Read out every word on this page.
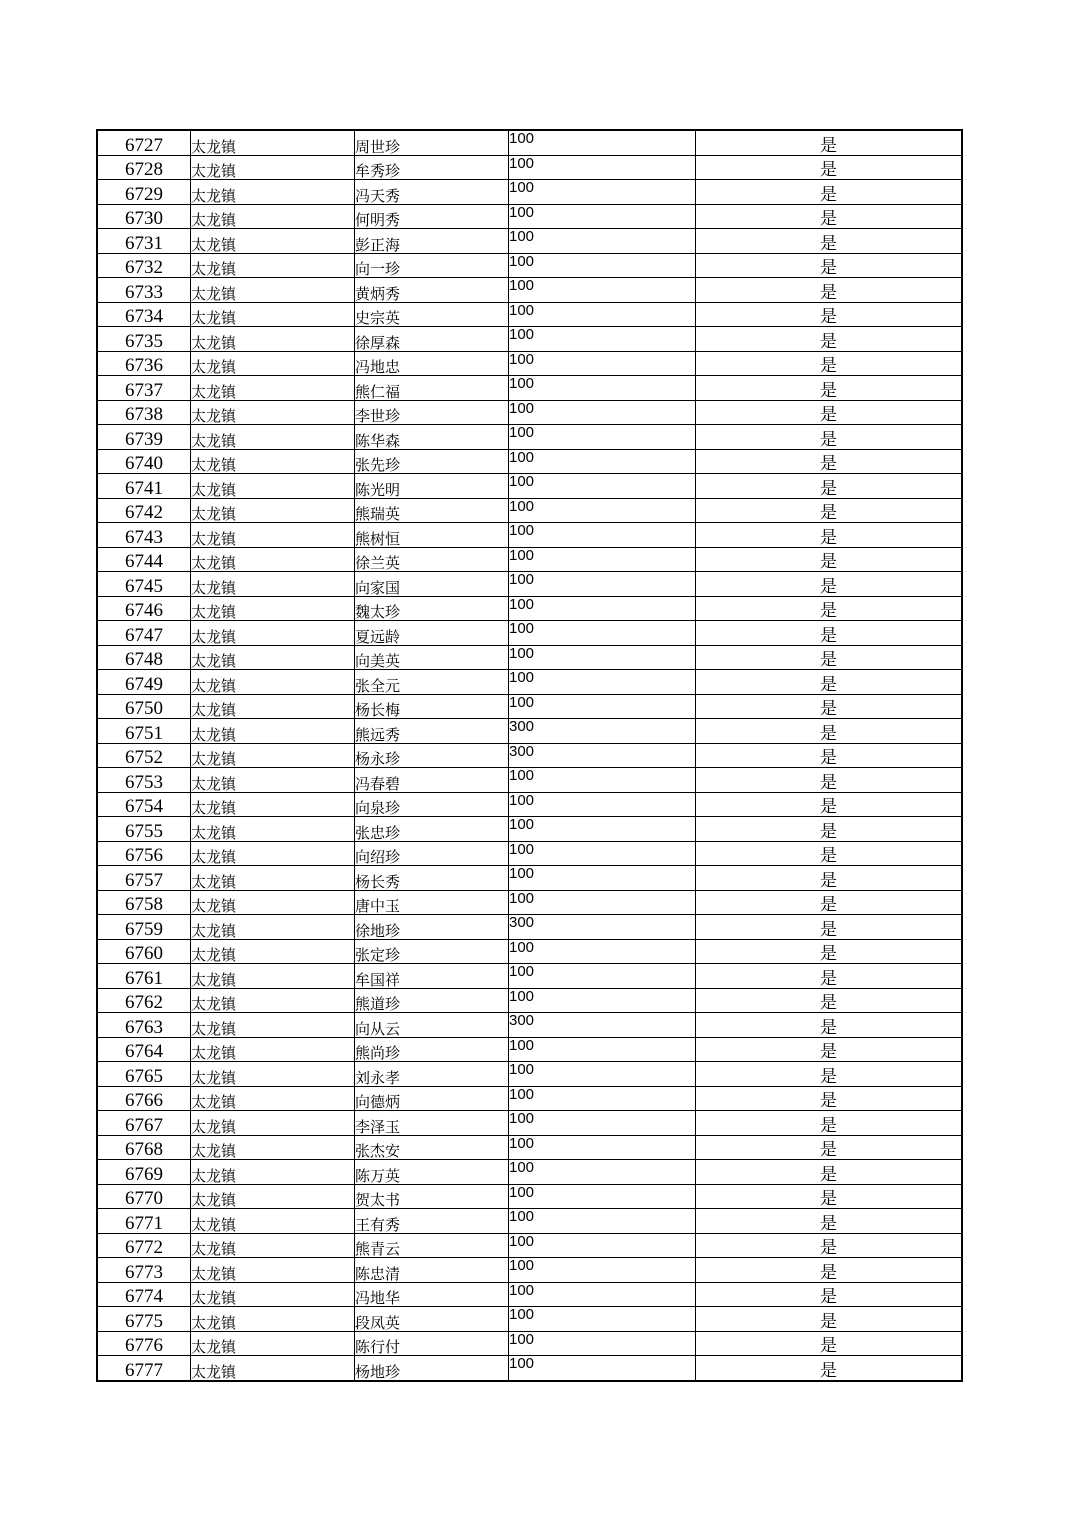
6727	太龙镇	周世珍	100	是
6728	太龙镇	牟秀珍	100	是
6729	太龙镇	冯天秀	100	是
6730	太龙镇	何明秀	100	是
6731	太龙镇	彭正海	100	是
6732	太龙镇	向一珍	100	是
6733	太龙镇	黄炳秀	100	是
6734	太龙镇	史宗英	100	是
6735	太龙镇	徐厚森	100	是
6736	太龙镇	冯地忠	100	是
6737	太龙镇	熊仁福	100	是
6738	太龙镇	李世珍	100	是
6739	太龙镇	陈华森	100	是
6740	太龙镇	张先珍	100	是
6741	太龙镇	陈光明	100	是
6742	太龙镇	熊瑞英	100	是
6743	太龙镇	熊树恒	100	是
6744	太龙镇	徐兰英	100	是
6745	太龙镇	向家国	100	是
6746	太龙镇	魏太珍	100	是
6747	太龙镇	夏远龄	100	是
6748	太龙镇	向美英	100	是
6749	太龙镇	张全元	100	是
6750	太龙镇	杨长梅	100	是
6751	太龙镇	熊远秀	300	是
6752	太龙镇	杨永珍	300	是
6753	太龙镇	冯春碧	100	是
6754	太龙镇	向泉珍	100	是
6755	太龙镇	张忠珍	100	是
6756	太龙镇	向绍珍	100	是
6757	太龙镇	杨长秀	100	是
6758	太龙镇	唐中玉	100	是
6759	太龙镇	徐地珍	300	是
6760	太龙镇	张定珍	100	是
6761	太龙镇	牟国祥	100	是
6762	太龙镇	熊道珍	100	是
6763	太龙镇	向从云	300	是
6764	太龙镇	熊尚珍	100	是
6765	太龙镇	刘永孝	100	是
6766	太龙镇	向德炳	100	是
6767	太龙镇	李泽玉	100	是
6768	太龙镇	张杰安	100	是
6769	太龙镇	陈万英	100	是
6770	太龙镇	贺太书	100	是
6771	太龙镇	王有秀	100	是
6772	太龙镇	熊青云	100	是
6773	太龙镇	陈忠清	100	是
6774	太龙镇	冯地华	100	是
6775	太龙镇	段凤英	100	是
6776	太龙镇	陈行付	100	是
6777	太龙镇	杨地珍	100	是
